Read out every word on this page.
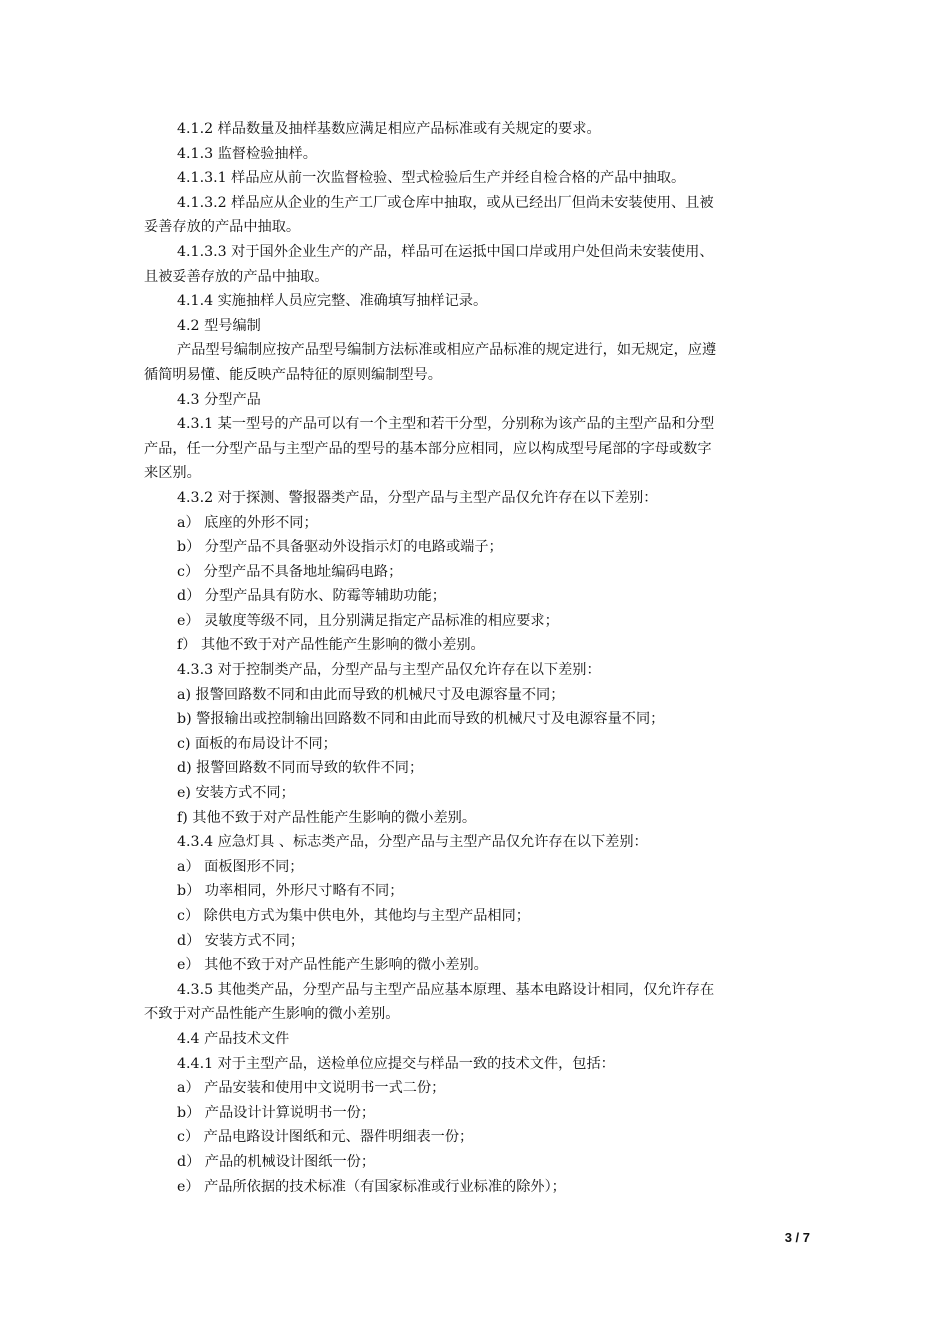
4.1.2 样品数量及抽样基数应满足相应产品标准或有关规定的要求。
4.1.3 监督检验抽样。
4.1.3.1 样品应从前一次监督检验、型式检验后生产并经自检合格的产品中抽取。
4.1.3.2 样品应从企业的生产工厂或仓库中抽取，或从已经出厂但尚未安装使用、且被
妥善存放的产品中抽取。
4.1.3.3 对于国外企业生产的产品，样品可在运抵中国口岸或用户处但尚未安装使用、
且被妥善存放的产品中抽取。
4.1.4 实施抽样人员应完整、准确填写抽样记录。
4.2 型号编制
产品型号编制应按产品型号编制方法标准或相应产品标准的规定进行，如无规定，应遵
循简明易懂、能反映产品特征的原则编制型号。
4.3 分型产品
4.3.1 某一型号的产品可以有一个主型和若干分型，分别称为该产品的主型产品和分型
产品，任一分型产品与主型产品的型号的基本部分应相同，应以构成型号尾部的字母或数字
来区别。
4.3.2 对于探测、警报器类产品，分型产品与主型产品仅允许存在以下差别：
a） 底座的外形不同；
b） 分型产品不具备驱动外设指示灯的电路或端子；
c） 分型产品不具备地址编码电路；
d） 分型产品具有防水、防霉等辅助功能；
e） 灵敏度等级不同，且分别满足指定产品标准的相应要求；
f） 其他不致于对产品性能产生影响的微小差别。
4.3.3 对于控制类产品，分型产品与主型产品仅允许存在以下差别：
a) 报警回路数不同和由此而导致的机械尺寸及电源容量不同；
b) 警报输出或控制输出回路数不同和由此而导致的机械尺寸及电源容量不同；
c) 面板的布局设计不同；
d) 报警回路数不同而导致的软件不同；
e) 安装方式不同；
f) 其他不致于对产品性能产生影响的微小差别。
4.3.4 应急灯具 、标志类产品，分型产品与主型产品仅允许存在以下差别：
a） 面板图形不同；
b） 功率相同，外形尺寸略有不同；
c） 除供电方式为集中供电外，其他均与主型产品相同；
d） 安装方式不同；
e） 其他不致于对产品性能产生影响的微小差别。
4.3.5 其他类产品，分型产品与主型产品应基本原理、基本电路设计相同，仅允许存在
不致于对产品性能产生影响的微小差别。
4.4 产品技术文件
4.4.1 对于主型产品，送检单位应提交与样品一致的技术文件，包括：
a） 产品安装和使用中文说明书一式二份；
b） 产品设计计算说明书一份；
c） 产品电路设计图纸和元、器件明细表一份；
d） 产品的机械设计图纸一份；
e） 产品所依据的技术标准（有国家标准或行业标准的除外）；
3 / 7
